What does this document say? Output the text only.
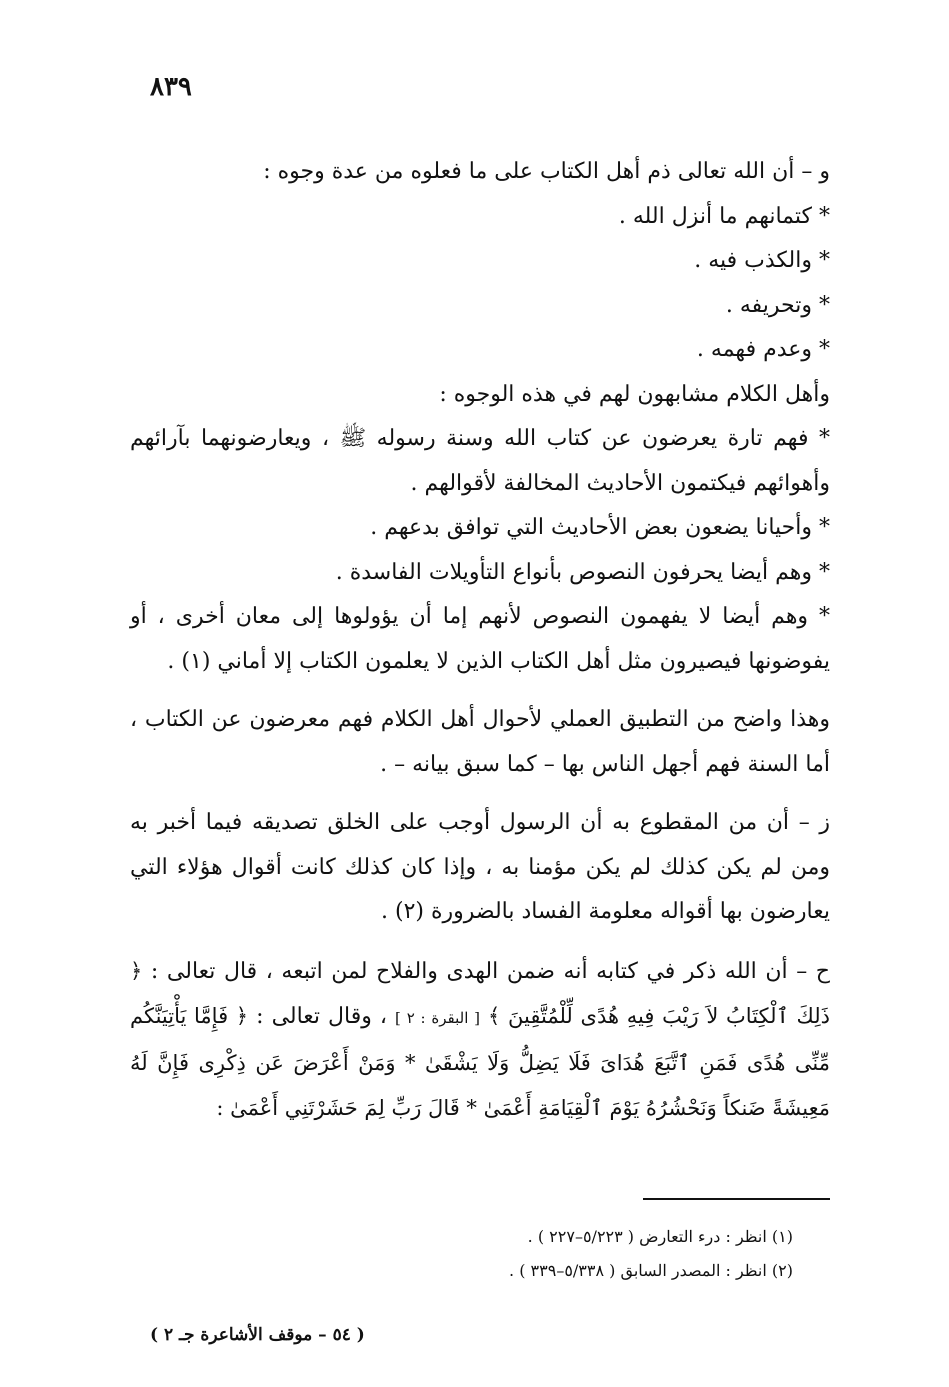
٨٣٩

و – أن الله تعالى ذم أهل الكتاب على ما فعلوه من عدة وجوه :

* كتمانهم ما أنزل الله .

* والكذب فيه .

* وتحريفه .

* وعدم فهمه .

وأهل الكلام مشابهون لهم في هذه الوجوه :

* فهم تارة يعرضون عن كتاب الله وسنة رسوله ﷺ ، ويعارضونهما بآرائهم وأهوائهم فيكتمون الأحاديث المخالفة لأقوالهم .

* وأحيانا يضعون بعض الأحاديث التي توافق بدعهم .

* وهم أيضا يحرفون النصوص بأنواع التأويلات الفاسدة .

* وهم أيضا لا يفهمون النصوص لأنهم إما أن يؤولوها إلى معان أخرى ، أو يفوضونها فيصيرون مثل أهل الكتاب الذين لا يعلمون الكتاب إلا أماني (١) .

وهذا واضح من التطبيق العملي لأحوال أهل الكلام فهم معرضون عن الكتاب ، أما السنة فهم أجهل الناس بها – كما سبق بيانه – .

ز – أن من المقطوع به أن الرسول أوجب على الخلق تصديقه فيما أخبر به ومن لم يكن كذلك لم يكن مؤمنا به ، وإذا كان كذلك كانت أقوال هؤلاء التي يعارضون بها أقواله معلومة الفساد بالضرورة (٢) .

ح – أن الله ذكر في كتابه أنه ضمن الهدى والفلاح لمن اتبعه ، قال تعالى : ﴿ ذَلِكَ ٱلْكِتَابُ لاَ رَيْبَ فِيهِ هُدًى لِّلْمُتَّقِينَ ﴾ [ البقرة : ٢ ] ، وقال تعالى : ﴿ فَإِمَّا يَأْتِيَنَّكُم مِّنِّى هُدًى فَمَنِ ٱتَّبَعَ هُدَاىَ فَلَا يَضِلُّ وَلَا يَشْقَىٰ * وَمَنْ أَعْرَضَ عَن ذِكْرِى فَإِنَّ لَهُ مَعِيشَةً ضَنكاً وَنَحْشُرُهُ يَوْمَ ٱلْقِيَامَةِ أَعْمَىٰ * قَالَ رَبِّ لِمَ حَشَرْتَنِي أَعْمَىٰ :

(١) انظر : درء التعارض ( ٥/٢٢٣–٢٢٧ ) .

(٢) انظر : المصدر السابق ( ٥/٣٣٨–٣٣٩ ) .

( ٥٤ – موقف الأشاعرة جـ ٢ )
